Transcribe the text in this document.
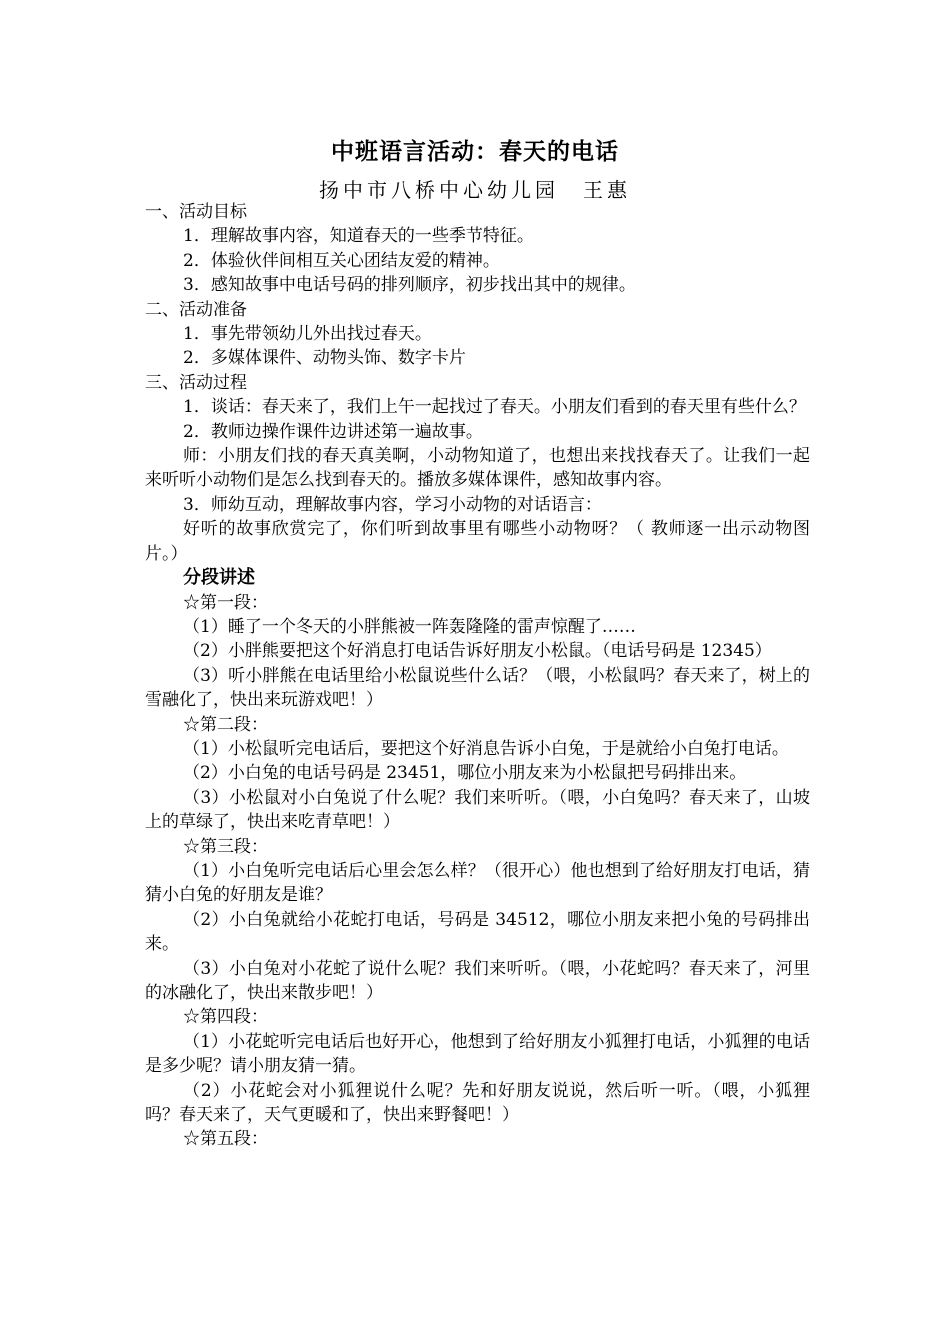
中班语言活动：春天的电话
扬中市八桥中心幼儿园　王惠

一、活动目标

1．理解故事内容，知道春天的一些季节特征。

2．体验伙伴间相互关心团结友爱的精神。

3．感知故事中电话号码的排列顺序，初步找出其中的规律。

二、活动准备

1．事先带领幼儿外出找过春天。

2．多媒体课件、动物头饰、数字卡片

三、活动过程

1．谈话：春天来了，我们上午一起找过了春天。小朋友们看到的春天里有些什么？

2．教师边操作课件边讲述第一遍故事。

师：小朋友们找的春天真美啊，小动物知道了，也想出来找找春天了。让我们一起来听听小动物们是怎么找到春天的。播放多媒体课件，感知故事内容。

3．师幼互动，理解故事内容，学习小动物的对话语言：

好听的故事欣赏完了，你们听到故事里有哪些小动物呀？（ 教师逐一出示动物图片。）

分段讲述

☆第一段：

（1）睡了一个冬天的小胖熊被一阵轰隆隆的雷声惊醒了……

（2）小胖熊要把这个好消息打电话告诉好朋友小松鼠。（电话号码是 12345）

（3）听小胖熊在电话里给小松鼠说些什么话？（喂，小松鼠吗？春天来了，树上的雪融化了，快出来玩游戏吧！）

☆第二段：

（1）小松鼠听完电话后，要把这个好消息告诉小白兔，于是就给小白兔打电话。

（2）小白兔的电话号码是 23451，哪位小朋友来为小松鼠把号码排出来。

（3）小松鼠对小白兔说了什么呢？我们来听听。（喂，小白兔吗？春天来了，山坡上的草绿了，快出来吃青草吧！）

☆第三段：

（1）小白兔听完电话后心里会怎么样？（很开心）他也想到了给好朋友打电话，猜猜小白兔的好朋友是谁？

（2）小白兔就给小花蛇打电话，号码是 34512，哪位小朋友来把小兔的号码排出来。

（3）小白兔对小花蛇了说什么呢？我们来听听。（喂，小花蛇吗？春天来了，河里的冰融化了，快出来散步吧！）

☆第四段：

（1）小花蛇听完电话后也好开心，他想到了给好朋友小狐狸打电话，小狐狸的电话是多少呢？请小朋友猜一猜。

（2）小花蛇会对小狐狸说什么呢？先和好朋友说说，然后听一听。（喂，小狐狸吗？春天来了，天气更暖和了，快出来野餐吧！）

☆第五段：
